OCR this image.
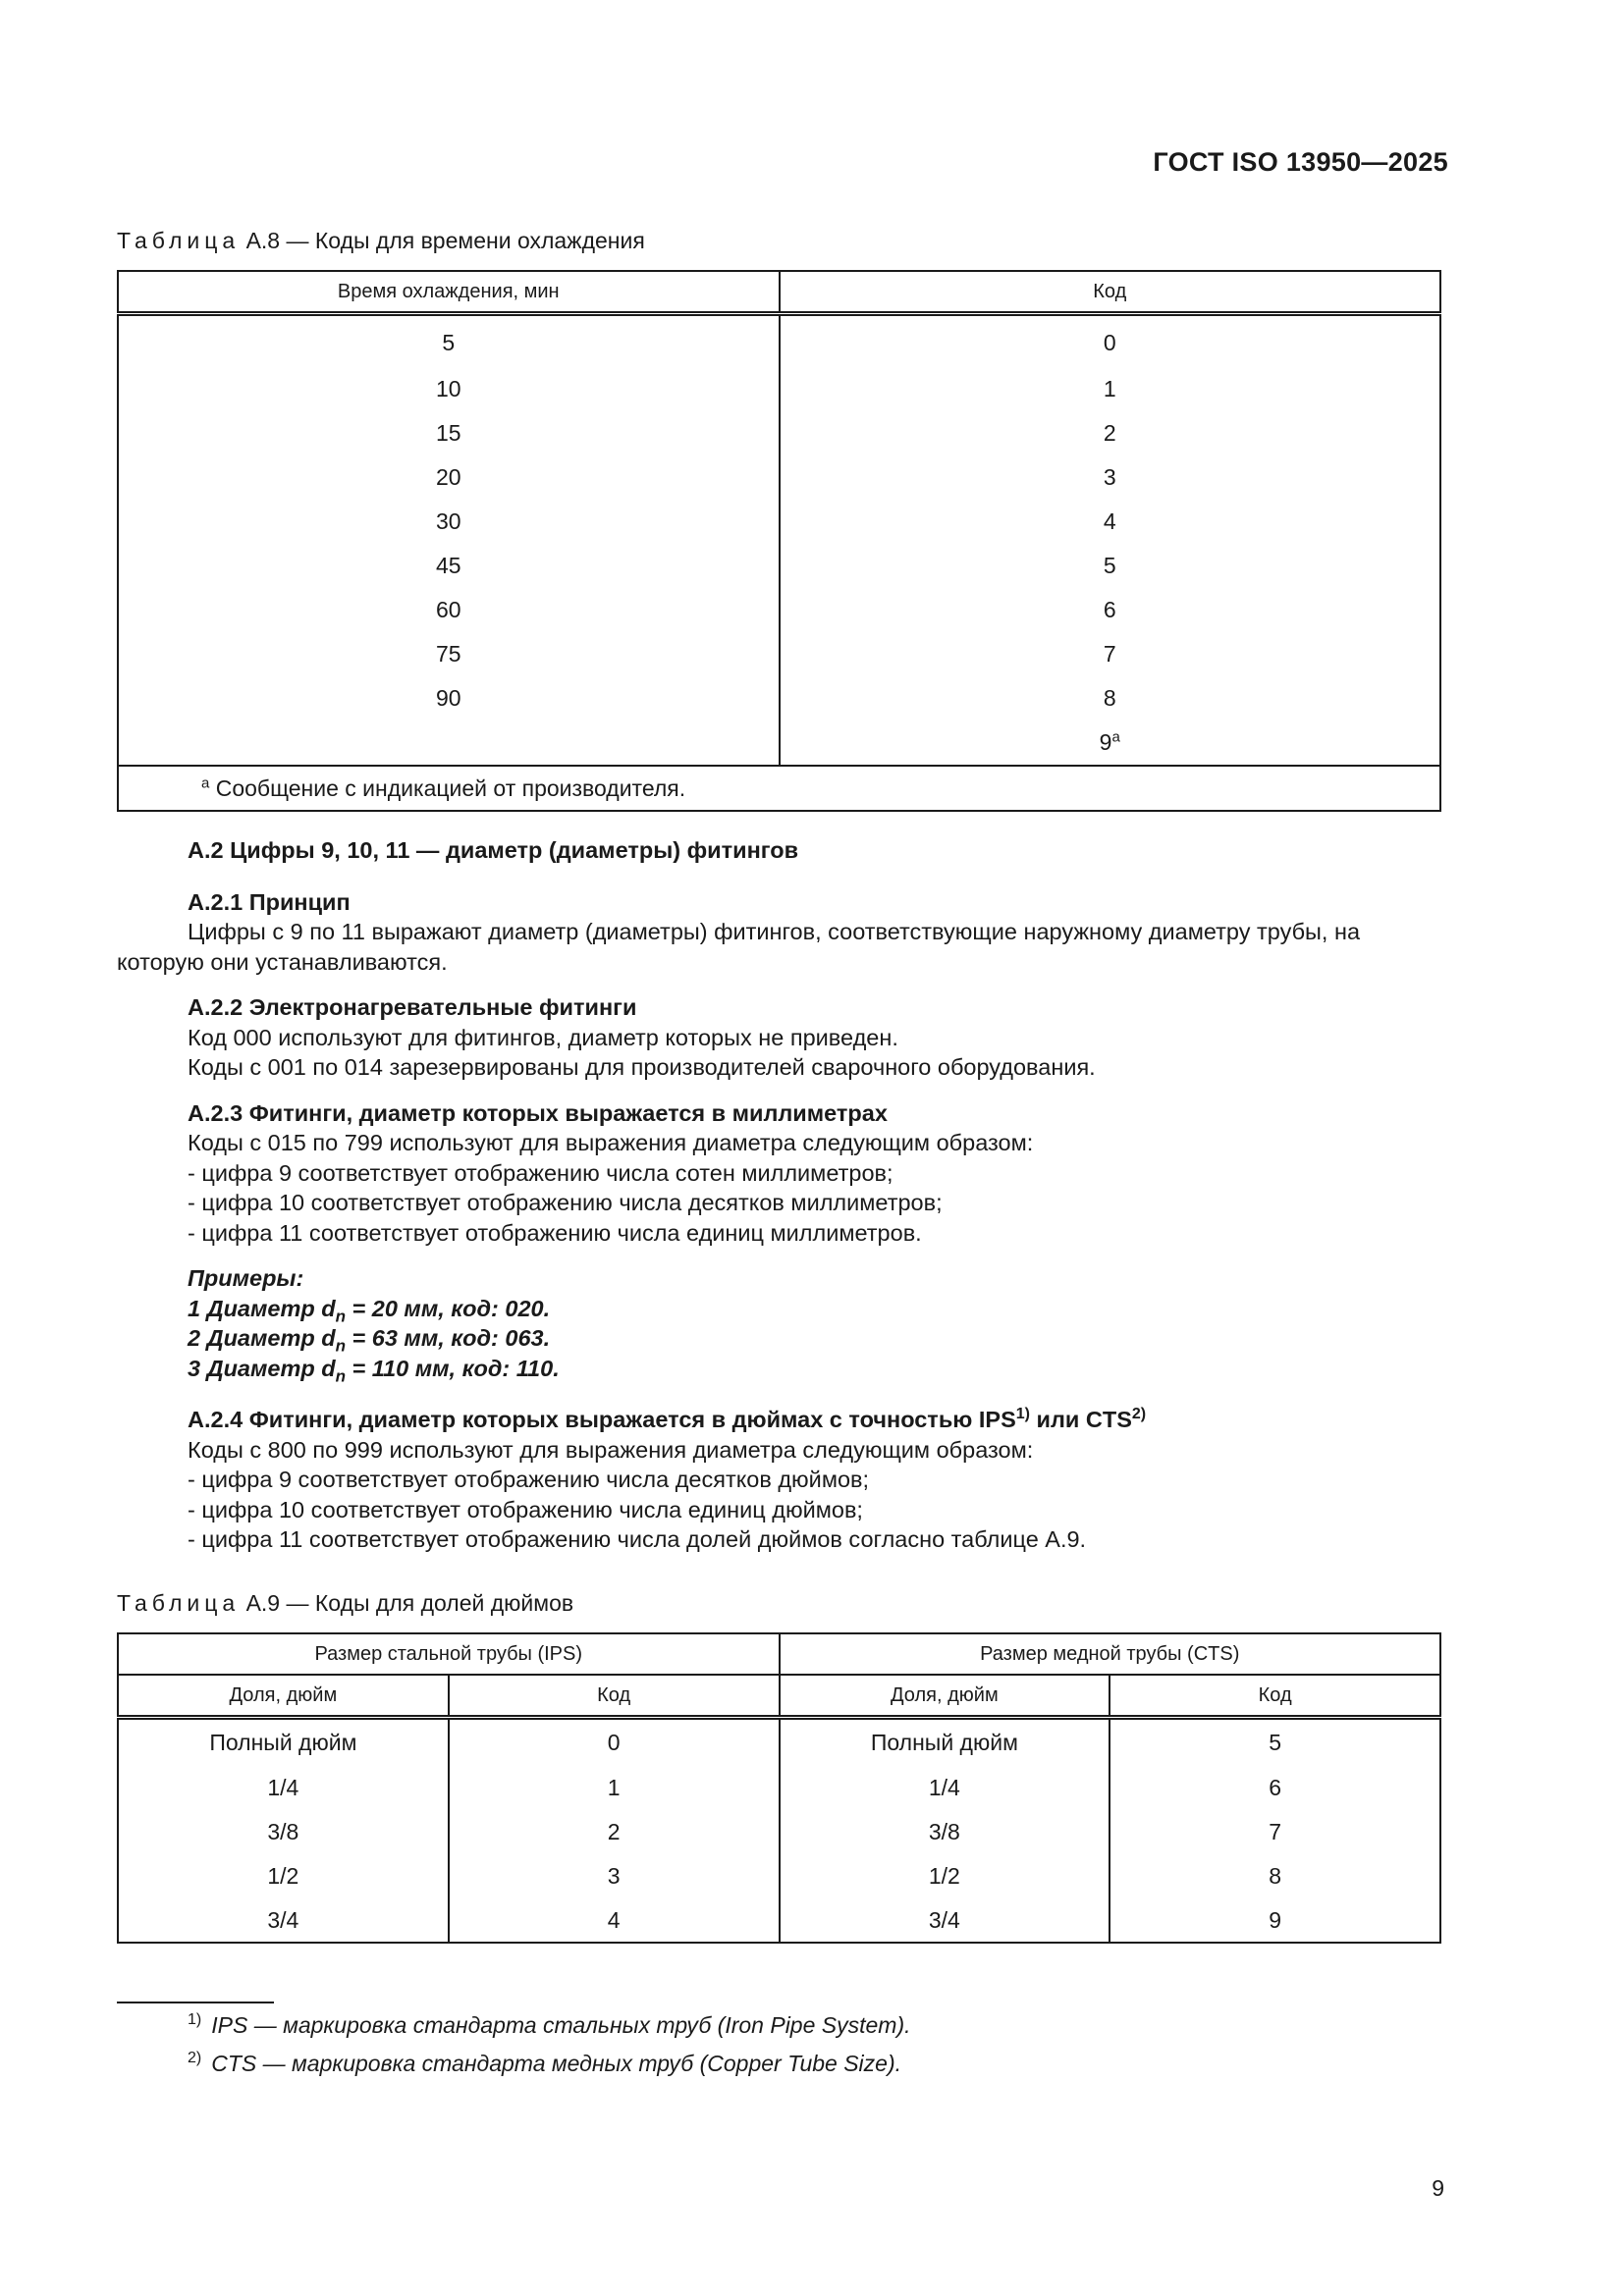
ГОСТ ISO 13950—2025
Таблица А.8 — Коды для времени охлаждения
Время охлаждения, мин	Код
5	0
10	1
15	2
20	3
30	4
45	5
60	6
75	7
90	8
	9$^a$
$^a$ Сообщение с индикацией от производителя.	
А.2 Цифры 9, 10, 11 — диаметр (диаметры) фитингов
А.2.1 Принцип
Цифры с 9 по 11 выражают диаметр (диаметры) фитингов, соответствующие наружному диаметру трубы, на
которую они устанавливаются.
А.2.2 Электронагревательные фитинги
Код 000 используют для фитингов, диаметр которых не приведен.
Коды с 001 по 014 зарезервированы для производителей сварочного оборудования.
А.2.3 Фитинги, диаметр которых выражается в миллиметрах
Коды с 015 по 799 используют для выражения диаметра следующим образом:
- цифра 9 соответствует отображению числа сотен миллиметров;
- цифра 10 соответствует отображению числа десятков миллиметров;
- цифра 11 соответствует отображению числа единиц миллиметров.
Примеры:
1 Диаметр $d_n = 20$ мм, код: 020.
2 Диаметр $d_n = 63$ мм, код: 063.
3 Диаметр $d_n = 110$ мм, код: 110.
А.2.4 Фитинги, диаметр которых выражается в дюймах с точностью IPS$^{1)}$ или CTS$^{2)}$
Коды с 800 по 999 используют для выражения диаметра следующим образом:
- цифра 9 соответствует отображению числа десятков дюймов;
- цифра 10 соответствует отображению числа единиц дюймов;
- цифра 11 соответствует отображению числа долей дюймов согласно таблице А.9.
Таблица А.9 — Коды для долей дюймов
Размер стальной трубы (IPS)		Размер медной трубы (CTS)	
Доля, дюйм	Код	Доля, дюйм	Код
Полный дюйм	0	Полный дюйм	5
1/4	1	1/4	6
3/8	2	3/8	7
1/2	3	1/2	8
3/4	4	3/4	9
$^{1)}$ IPS — маркировка стандарта стальных труб (Iron Pipe System).
$^{2)}$ CTS — маркировка стандарта медных труб (Copper Tube Size).
9
